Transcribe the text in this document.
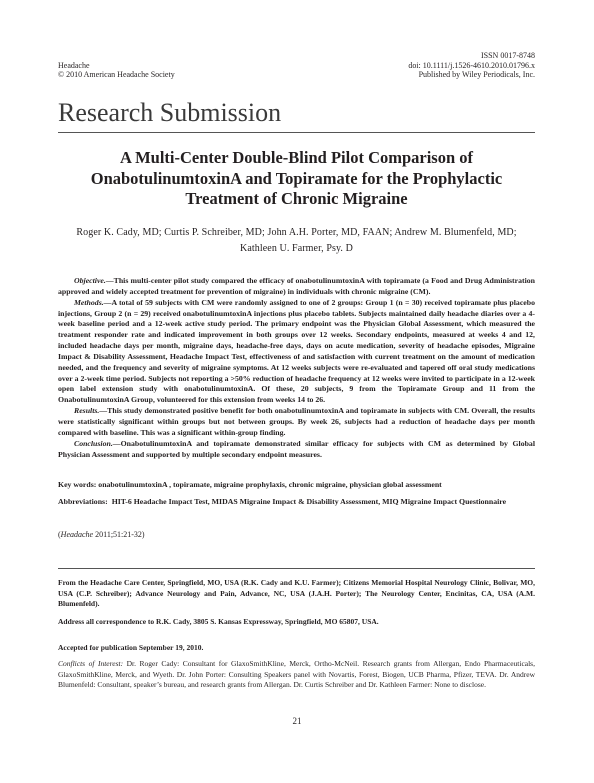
ISSN 0017-8748
Headache	doi: 10.1111/j.1526-4610.2010.01796.x
© 2010 American Headache Society	Published by Wiley Periodicals, Inc.
Research Submission
A Multi-Center Double-Blind Pilot Comparison of OnabotulinumtoxinA and Topiramate for the Prophylactic Treatment of Chronic Migraine
Roger K. Cady, MD; Curtis P. Schreiber, MD; John A.H. Porter, MD, FAAN; Andrew M. Blumenfeld, MD; Kathleen U. Farmer, Psy. D

Objective.—This multi-center pilot study compared the efficacy of onabotulinumtoxinA with topiramate (a Food and Drug Administration approved and widely accepted treatment for prevention of migraine) in individuals with chronic migraine (CM).

Methods.—A total of 59 subjects with CM were randomly assigned to one of 2 groups: Group 1 (n = 30) received topiramate plus placebo injections, Group 2 (n = 29) received onabotulinumtoxinA injections plus placebo tablets. Subjects maintained daily headache diaries over a 4-week baseline period and a 12-week active study period. The primary endpoint was the Physician Global Assessment, which measured the treatment responder rate and indicated improvement in both groups over 12 weeks. Secondary endpoints, measured at weeks 4 and 12, included headache days per month, migraine days, headache-free days, days on acute medication, severity of headache episodes, Migraine Impact & Disability Assessment, Headache Impact Test, effectiveness of and satisfaction with current treatment on the amount of medication needed, and the frequency and severity of migraine symptoms. At 12 weeks subjects were re-evaluated and tapered off oral study medications over a 2-week time period. Subjects not reporting a >50% reduction of headache frequency at 12 weeks were invited to participate in a 12-week open label extension study with onabotulinumtoxinA. Of these, 20 subjects, 9 from the Topiramate Group and 11 from the OnabotulinumtoxinA Group, volunteered for this extension from weeks 14 to 26.

Results.—This study demonstrated positive benefit for both onabotulinumtoxinA and topiramate in subjects with CM. Overall, the results were statistically significant within groups but not between groups. By week 26, subjects had a reduction of headache days per month compared with baseline. This was a significant within-group finding.

Conclusion.—OnabotulinumtoxinA and topiramate demonstrated similar efficacy for subjects with CM as determined by Global Physician Assessment and supported by multiple secondary endpoint measures.

Key words: onabotulinumtoxinA , topiramate, migraine prophylaxis, chronic migraine, physician global assessment
Abbreviations: HIT-6 Headache Impact Test, MIDAS Migraine Impact & Disability Assessment, MIQ Migraine Impact Questionnaire
(Headache 2011;51:21-32)
From the Headache Care Center, Springfield, MO, USA (R.K. Cady and K.U. Farmer); Citizens Memorial Hospital Neurology Clinic, Bolivar, MO, USA (C.P. Schreiber); Advance Neurology and Pain, Advance, NC, USA (J.A.H. Porter); The Neurology Center, Encinitas, CA, USA (A.M. Blumenfeld).
Address all correspondence to R.K. Cady, 3805 S. Kansas Expressway, Springfield, MO 65807, USA.
Accepted for publication September 19, 2010.
Conflicts of Interest: Dr. Roger Cady: Consultant for GlaxoSmithKline, Merck, Ortho-McNeil. Research grants from Allergan, Endo Pharmaceuticals, GlaxoSmithKline, Merck, and Wyeth. Dr. John Porter: Consulting Speakers panel with Novartis, Forest, Biogen, UCB Pharma, Pfizer, TEVA. Dr. Andrew Blumenfeld: Consultant, speaker’s bureau, and research grants from Allergan. Dr. Curtis Schreiber and Dr. Kathleen Farmer: None to disclose.
21
